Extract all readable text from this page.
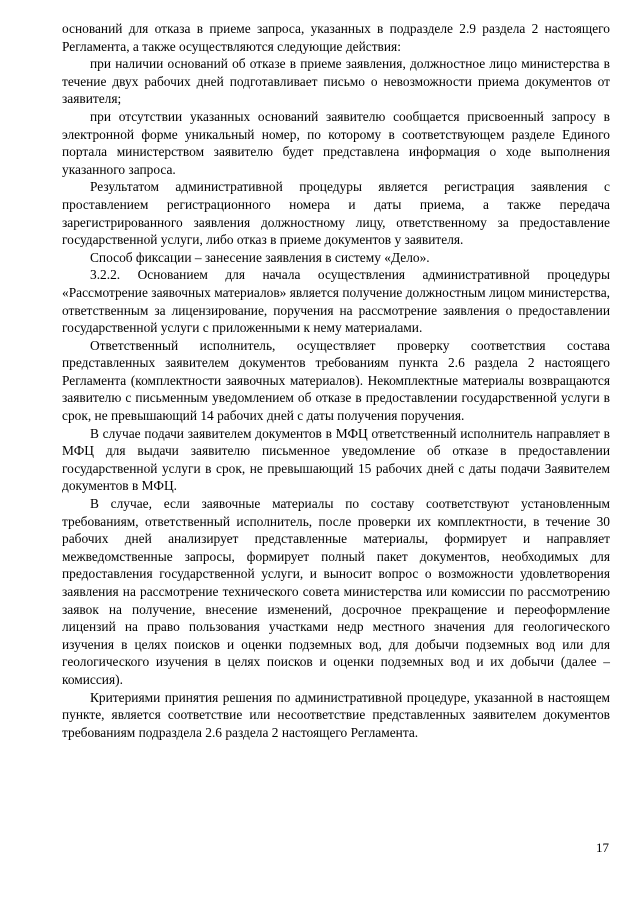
оснований для отказа в приеме запроса, указанных в подразделе 2.9 раздела 2 настоящего Регламента, а также осуществляются следующие действия:

при наличии оснований об отказе в приеме заявления, должностное лицо министерства в течение двух рабочих дней подготавливает письмо о невозможности приема документов от заявителя;

при отсутствии указанных оснований заявителю сообщается присвоенный запросу в электронной форме уникальный номер, по которому в соответствующем разделе Единого портала министерством заявителю будет представлена информация о ходе выполнения указанного запроса.

Результатом административной процедуры является регистрация заявления с проставлением регистрационного номера и даты приема, а также передача зарегистрированного заявления должностному лицу, ответственному за предоставление государственной услуги, либо отказ в приеме документов у заявителя.

Способ фиксации – занесение заявления в систему «Дело».

3.2.2. Основанием для начала осуществления административной процедуры «Рассмотрение заявочных материалов» является получение должностным лицом министерства, ответственным за лицензирование, поручения на рассмотрение заявления о предоставлении государственной услуги с приложенными к нему материалами.

Ответственный исполнитель, осуществляет проверку соответствия состава представленных заявителем документов требованиям пункта 2.6 раздела 2 настоящего Регламента (комплектности заявочных материалов). Некомплектные материалы возвращаются заявителю с письменным уведомлением об отказе в предоставлении государственной услуги в срок, не превышающий 14 рабочих дней с даты получения поручения.

В случае подачи заявителем документов в МФЦ ответственный исполнитель направляет в МФЦ для выдачи заявителю письменное уведомление об отказе в предоставлении государственной услуги в срок, не превышающий 15 рабочих дней с даты подачи Заявителем документов в МФЦ.

В случае, если заявочные материалы по составу соответствуют установленным требованиям, ответственный исполнитель, после проверки их комплектности, в течение 30 рабочих дней анализирует представленные материалы, формирует и направляет межведомственные запросы, формирует полный пакет документов, необходимых для предоставления государственной услуги, и выносит вопрос о возможности удовлетворения заявления на рассмотрение технического совета министерства или комиссии по рассмотрению заявок на получение, внесение изменений, досрочное прекращение и переоформление лицензий на право пользования участками недр местного значения для геологического изучения в целях поисков и оценки подземных вод, для добычи подземных вод или для геологического изучения в целях поисков и оценки подземных вод и их добычи (далее – комиссия).

Критериями принятия решения по административной процедуре, указанной в настоящем пункте, является соответствие или несоответствие представленных заявителем документов требованиям подраздела 2.6 раздела 2 настоящего Регламента.

17
